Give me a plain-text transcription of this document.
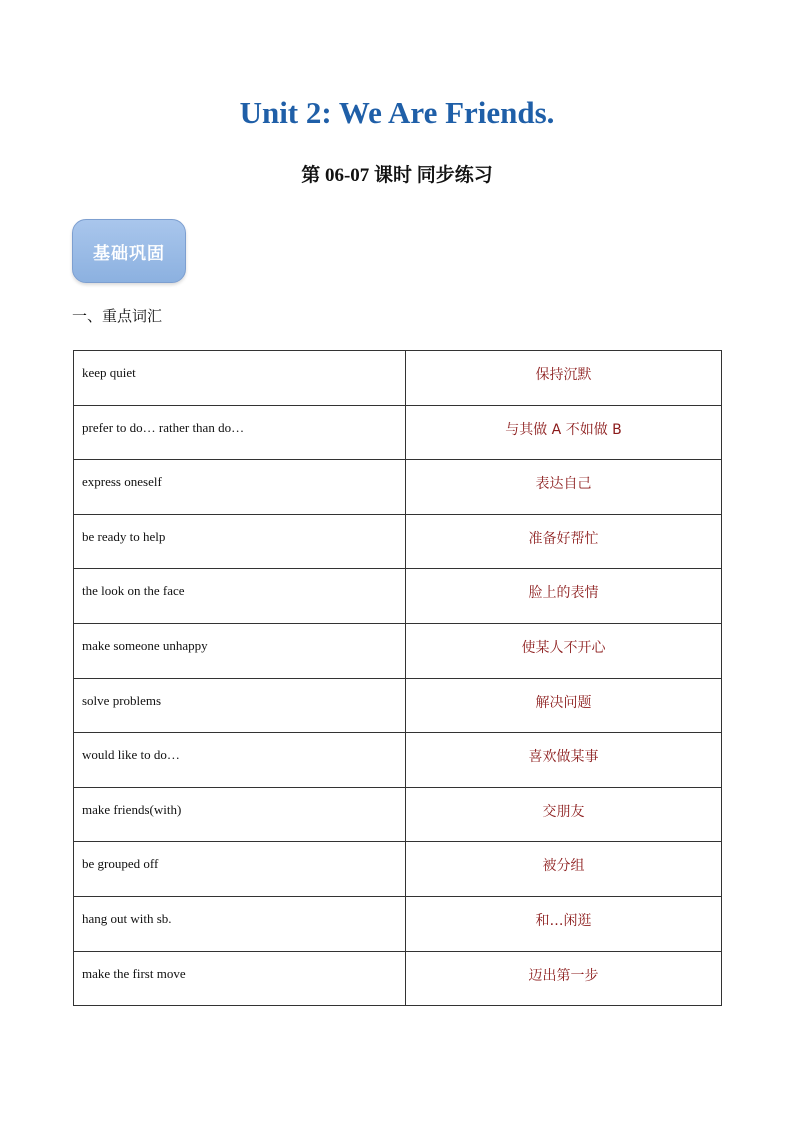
Unit 2: We Are Friends.
第 06-07 课时 同步练习
基础巩固
一、重点词汇
keep quiet	保持沉默
prefer to do… rather than do…	与其做 A 不如做 B
express oneself	表达自己
be ready to help	准备好帮忙
the look on the face	脸上的表情
make someone unhappy	使某人不开心
solve problems	解决问题
would like to do…	喜欢做某事
make friends(with)	交朋友
be grouped off	被分组
hang out with sb.	和…闲逛
make the first move	迈出第一步
